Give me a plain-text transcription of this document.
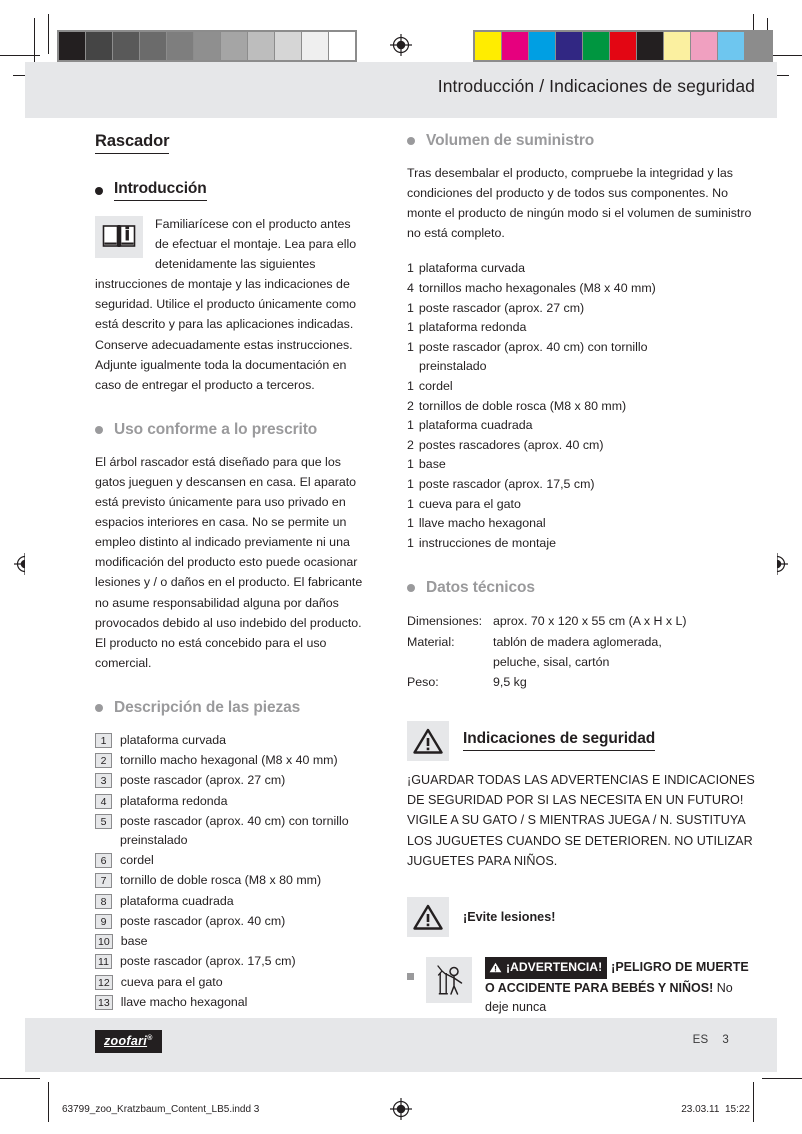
Introducción / Indicaciones de seguridad
Rascador
Introducción

Familiarícese con el producto antes de efectuar el montaje. Lea para ello detenidamente las siguientes instrucciones de montaje y las indicaciones de seguridad. Utilice el producto únicamente como está descrito y para las aplicaciones indicadas. Conserve adecuadamente estas instrucciones. Adjunte igualmente toda la documentación en caso de entregar el producto a terceros.

Uso conforme a lo prescrito

El árbol rascador está diseñado para que los gatos jueguen y descansen en casa. El aparato está previsto únicamente para uso privado en espacios interiores en casa. No se permite un empleo distinto al indicado previamente ni una modificación del producto esto puede ocasionar lesiones y / o daños en el producto. El fabricante no asume responsabilidad alguna por daños provocados debido al uso indebido del producto. El producto no está concebido para el uso comercial.

Descripción de las piezas
1	plataforma curvada
2	tornillo macho hexagonal (M8 x 40 mm)
3	poste rascador (aprox. 27 cm)
4	plataforma redonda
5	poste rascador (aprox. 40 cm) con tornillo preinstalado
6	cordel
7	tornillo de doble rosca (M8 x 80 mm)
8	plataforma cuadrada
9	poste rascador (aprox. 40 cm)
10 base
11 poste rascador (aprox. 17,5 cm)
12 cueva para el gato
13 llave macho hexagonal
Volumen de suministro

Tras desembalar el producto, compruebe la integridad y las condiciones del producto y de todos sus componentes. No monte el producto de ningún modo si el volumen de suministro no está completo.

1 plataforma curvada
4 tornillos macho hexagonales (M8 x 40 mm)
1 poste rascador (aprox. 27 cm)
1 plataforma redonda
1 poste rascador (aprox. 40 cm) con tornillo
preinstalado
1 cordel
2 tornillos de doble rosca (M8 x 80 mm)
1 plataforma cuadrada
2 postes rascadores (aprox. 40 cm)
1 base
1 poste rascador (aprox. 17,5 cm)
1 cueva para el gato
1 llave macho hexagonal
1 instrucciones de montaje
Datos técnicos
Dimensiones:	aprox. 70 x 120 x 55 cm (A x H x L)
Material:	tablón de madera aglomerada,
	peluche, sisal, cartón
Peso:	9,5 kg
Indicaciones de seguridad

¡GUARDAR TODAS LAS ADVERTENCIAS E INDICACIONES DE SEGURIDAD POR SI LAS NECESITA EN UN FUTURO! VIGILE A SU GATO / S MIENTRAS JUEGA / N. SUSTITUYA LOS JUGUETES CUANDO SE DETERIOREN. NO UTILIZAR JUGUETES PARA NIÑOS.

¡Evite lesiones!
¡ADVERTENCIA! ¡PELIGRO DE MUERTE O ACCIDENTE PARA BEBÉS Y NIÑOS! No deje nunca
zoofari®	ES 3
63799_zoo_Kratzbaum_Content_LB5.indd 3	23.03.11 15:22
